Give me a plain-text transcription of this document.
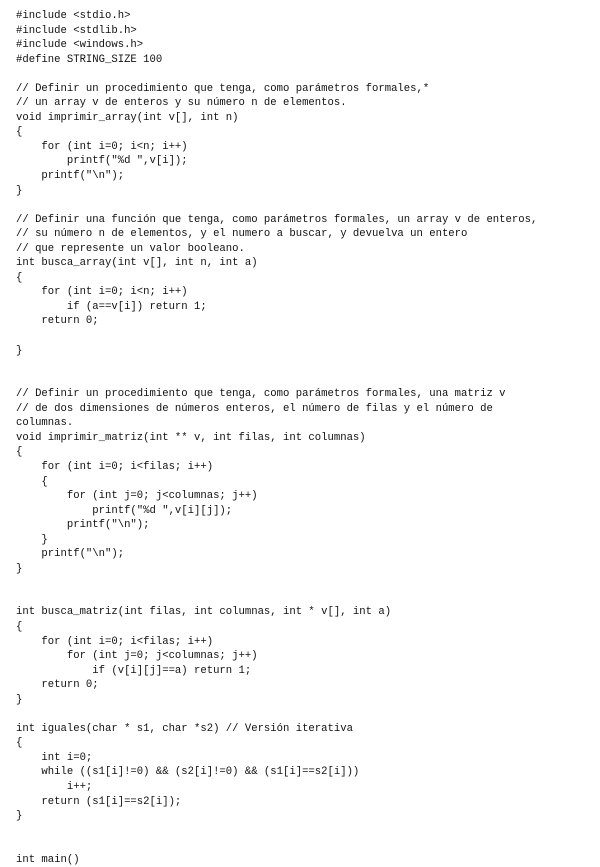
#include <stdio.h>
#include <stdlib.h>
#include <windows.h>
#define STRING_SIZE 100
// Definir un procedimiento que tenga, como parámetros formales,*
// un array v de enteros y su número n de elementos.
void imprimir_array(int v[], int n)
{
for (int i=0; i<n; i++)
printf("%d ",v[i]);
printf("\n");
}
// Definir una función que tenga, como parámetros formales, un array v de enteros,
// su número n de elementos, y el numero a buscar, y devuelva un entero
// que represente un valor booleano.
int busca_array(int v[], int n, int a)
{
for (int i=0; i<n; i++)
if (a==v[i]) return 1;
return 0;
}
// Definir un procedimiento que tenga, como parámetros formales, una matriz v
// de dos dimensiones de números enteros, el número de filas y el número de
columnas.
void imprimir_matriz(int ** v, int filas, int columnas)
{
for (int i=0; i<filas; i++)
{
for (int j=0; j<columnas; j++)
printf("%d ",v[i][j]);
printf("\n");
}
printf("\n");
}
int busca_matriz(int filas, int columnas, int * v[], int a)
{
for (int i=0; i<filas; i++)
for (int j=0; j<columnas; j++)
if (v[i][j]==a) return 1;
return 0;
}
int iguales(char * s1, char *s2) // Versión iterativa
{
int i=0;
while ((s1[i]!=0) && (s2[i]!=0) && (s1[i]==s2[i]))
i++;
return (s1[i]==s2[i]);
}
int main()
